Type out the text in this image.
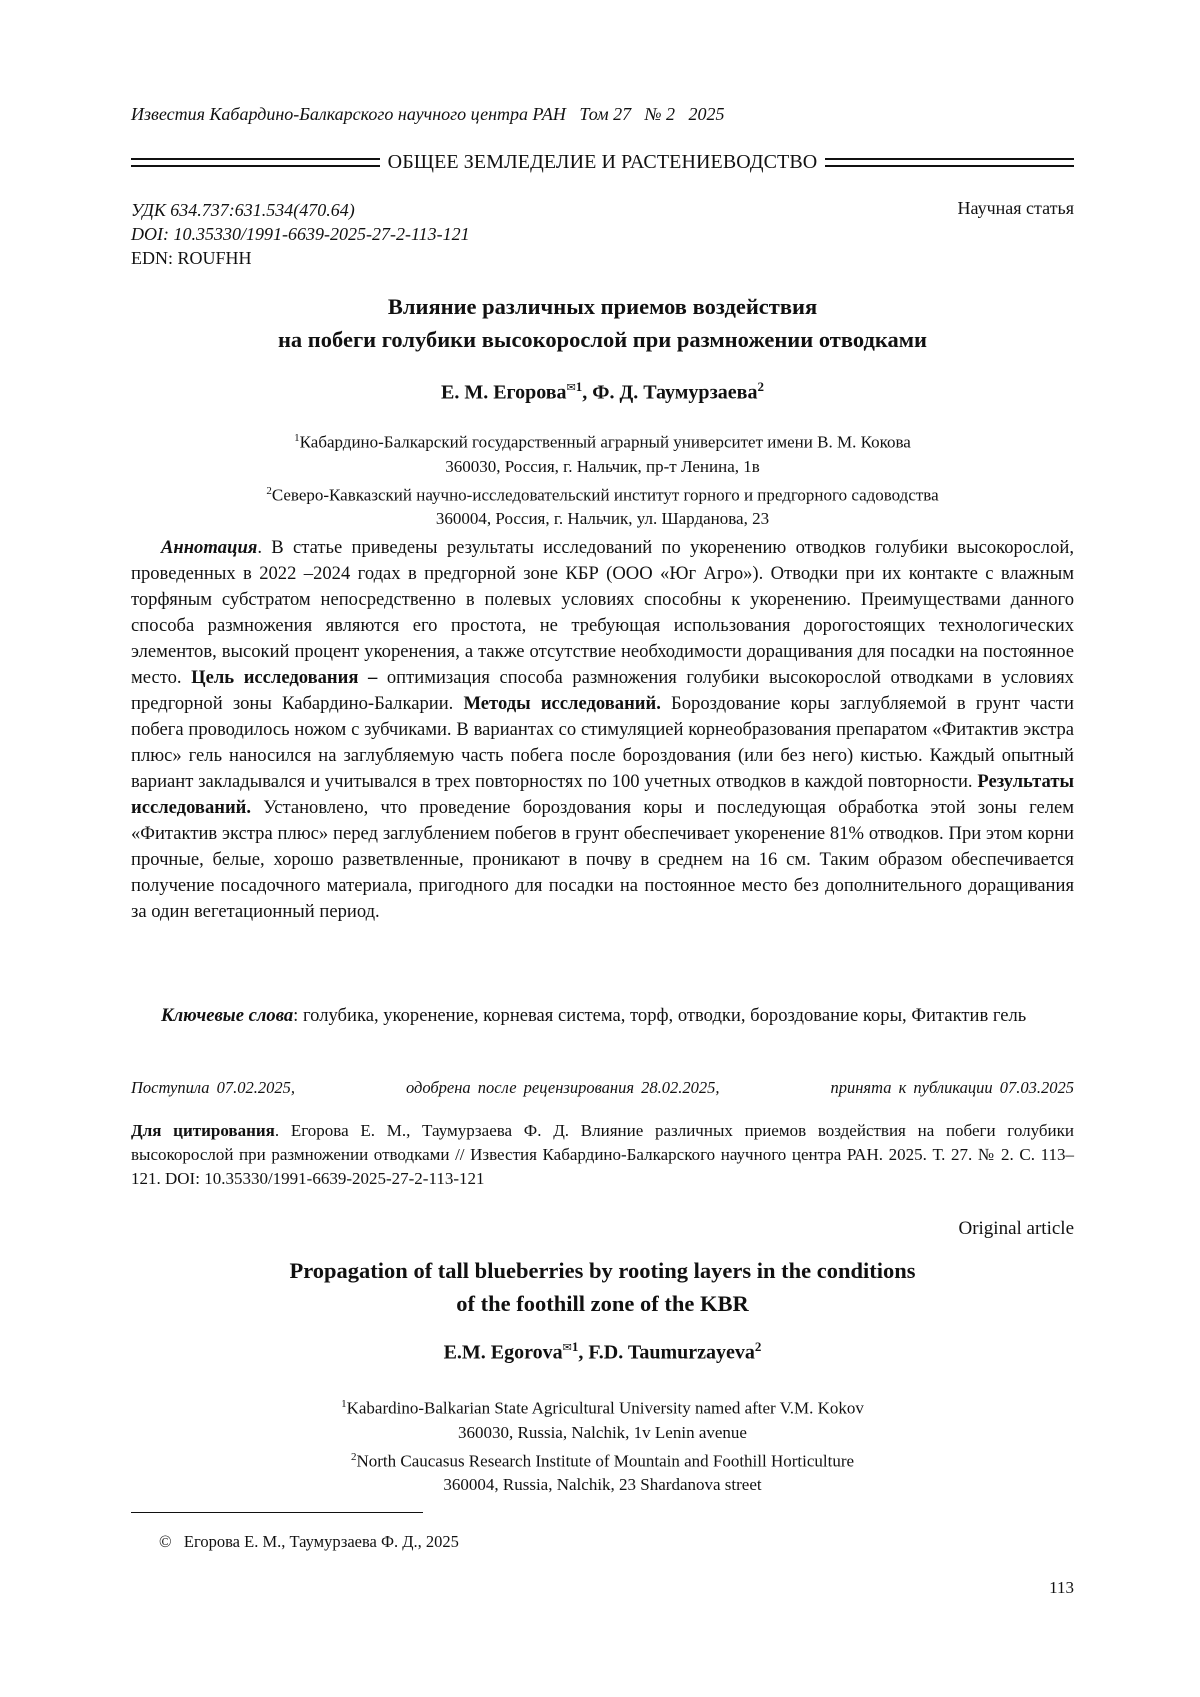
Известия Кабардино-Балкарского научного центра РАН   Том 27   № 2   2025
ОБЩЕЕ ЗЕМЛЕДЕЛИЕ И РАСТЕНИЕВОДСТВО
УДК 634.737:631.534(470.64)
DOI: 10.35330/1991-6639-2025-27-2-113-121
EDN: ROUFHH
Научная статья
Влияние различных приемов воздействия
на побеги голубики высокорослой при размножении отводками
Е. М. Егорова$^{✉1}$, Ф. Д. Таумурзаева$^2$
$^1$Кабардино-Балкарский государственный аграрный университет имени В. М. Кокова
360030, Россия, г. Нальчик, пр-т Ленина, 1в
$^2$Северо-Кавказский научно-исследовательский институт горного и предгорного садоводства
360004, Россия, г. Нальчик, ул. Шарданова, 23

Аннотация. В статье приведены результаты исследований по укоренению отводков голубики высокорослой, проведенных в 2022 –2024 годах в предгорной зоне КБР (ООО «Юг Агро»). Отводки при их контакте с влажным торфяным субстратом непосредственно в полевых условиях способны к укоренению. Преимуществами данного способа размножения являются его простота, не требующая использования дорогостоящих технологических элементов, высокий процент укоренения, а также отсутствие необходимости доращивания для посадки на постоянное место. Цель исследования – оптимизация способа размножения голубики высокорослой отводками в условиях предгорной зоны Кабардино-Балкарии. Методы исследований. Бороздование коры заглубляемой в грунт части побега проводилось ножом с зубчиками. В вариантах со стимуляцией корнеобразования препаратом «Фитактив экстра плюс» гель наносился на заглубляемую часть побега после бороздования (или без него) кистью. Каждый опытный вариант закладывался и учитывался в трех повторностях по 100 учетных отводков в каждой повторности. Результаты исследований. Установлено, что проведение бороздования коры и последующая обработка этой зоны гелем «Фитактив экстра плюс» перед заглублением побегов в грунт обеспечивает укоренение 81% отводков. При этом корни прочные, белые, хорошо разветвленные, проникают в почву в среднем на 16 см. Таким образом обеспечивается получение посадочного материала, пригодного для посадки на постоянное место без дополнительного доращивания за один вегетационный период.

Ключевые слова: голубика, укоренение, корневая система, торф, отводки, бороздование коры, Фитактив гель

Поступила 07.02.2025,	одобрена после рецензирования 28.02.2025,	принята к публикации 07.03.2025
Для цитирования. Егорова Е. М., Таумурзаева Ф. Д. Влияние различных приемов воздействия на побеги голубики высокорослой при размножении отводками // Известия Кабардино-Балкарского научного центра РАН. 2025. Т. 27. № 2. С. 113–121. DOI: 10.35330/1991-6639-2025-27-2-113-121
Original article
Propagation of tall blueberries by rooting layers in the conditions
of the foothill zone of the KBR
E.M. Egorova$^{✉1}$, F.D. Taumurzayeva$^2$
$^1$Kabardino-Balkarian State Agricultural University named after V.M. Kokov
360030, Russia, Nalchik, 1v Lenin avenue
$^2$North Caucasus Research Institute of Mountain and Foothill Horticulture
360004, Russia, Nalchik, 23 Shardanova street
©   Егорова Е. М., Таумурзаева Ф. Д., 2025
113
